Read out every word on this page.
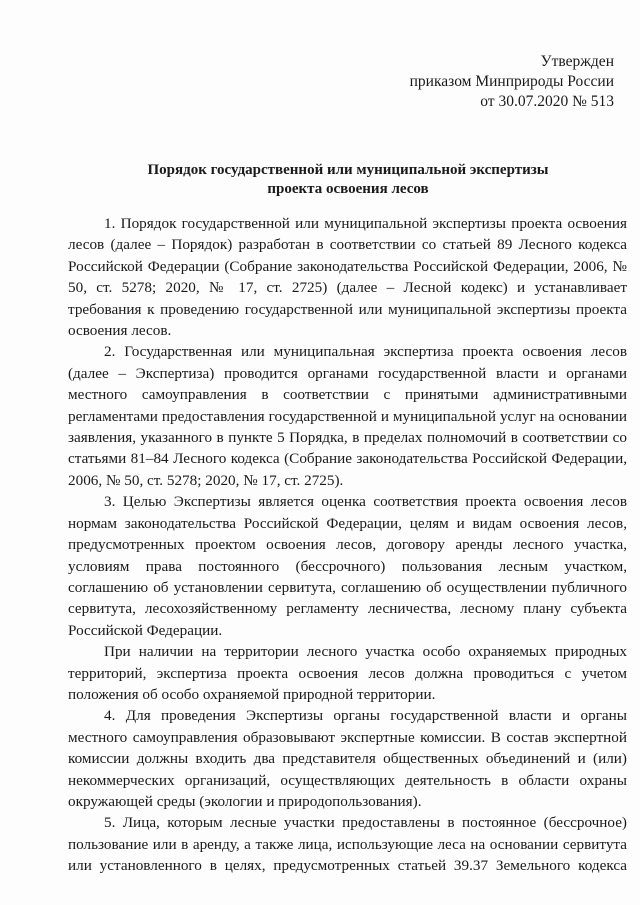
Утвержден
приказом Минприроды России
от 30.07.2020 № 513
Порядок государственной или муниципальной экспертизы
проекта освоения лесов

1. Порядок государственной или муниципальной экспертизы проекта освоения лесов (далее – Порядок) разработан в соответствии со статьей 89 Лесного кодекса Российской Федерации (Собрание законодательства Российской Федерации, 2006, № 50, ст. 5278; 2020, № 17, ст. 2725) (далее – Лесной кодекс) и устанавливает требования к проведению государственной или муниципальной экспертизы проекта освоения лесов.

2. Государственная или муниципальная экспертиза проекта освоения лесов (далее – Экспертиза) проводится органами государственной власти и органами местного самоуправления в соответствии с принятыми административными регламентами предоставления государственной и муниципальной услуг на основании заявления, указанного в пункте 5 Порядка, в пределах полномочий в соответствии со статьями 81–84 Лесного кодекса (Собрание законодательства Российской Федерации, 2006, № 50, ст. 5278; 2020, № 17, ст. 2725).

3. Целью Экспертизы является оценка соответствия проекта освоения лесов нормам законодательства Российской Федерации, целям и видам освоения лесов, предусмотренных проектом освоения лесов, договору аренды лесного участка, условиям права постоянного (бессрочного) пользования лесным участком, соглашению об установлении сервитута, соглашению об осуществлении публичного сервитута, лесохозяйственному регламенту лесничества, лесному плану субъекта Российской Федерации.

При наличии на территории лесного участка особо охраняемых природных территорий, экспертиза проекта освоения лесов должна проводиться с учетом положения об особо охраняемой природной территории.

4. Для проведения Экспертизы органы государственной власти и органы местного самоуправления образовывают экспертные комиссии. В состав экспертной комиссии должны входить два представителя общественных объединений и (или) некоммерческих организаций, осуществляющих деятельность в области охраны окружающей среды (экологии и природопользования).

5. Лица, которым лесные участки предоставлены в постоянное (бессрочное) пользование или в аренду, а также лица, использующие леса на основании сервитута или установленного в целях, предусмотренных статьей 39.37 Земельного кодекса
